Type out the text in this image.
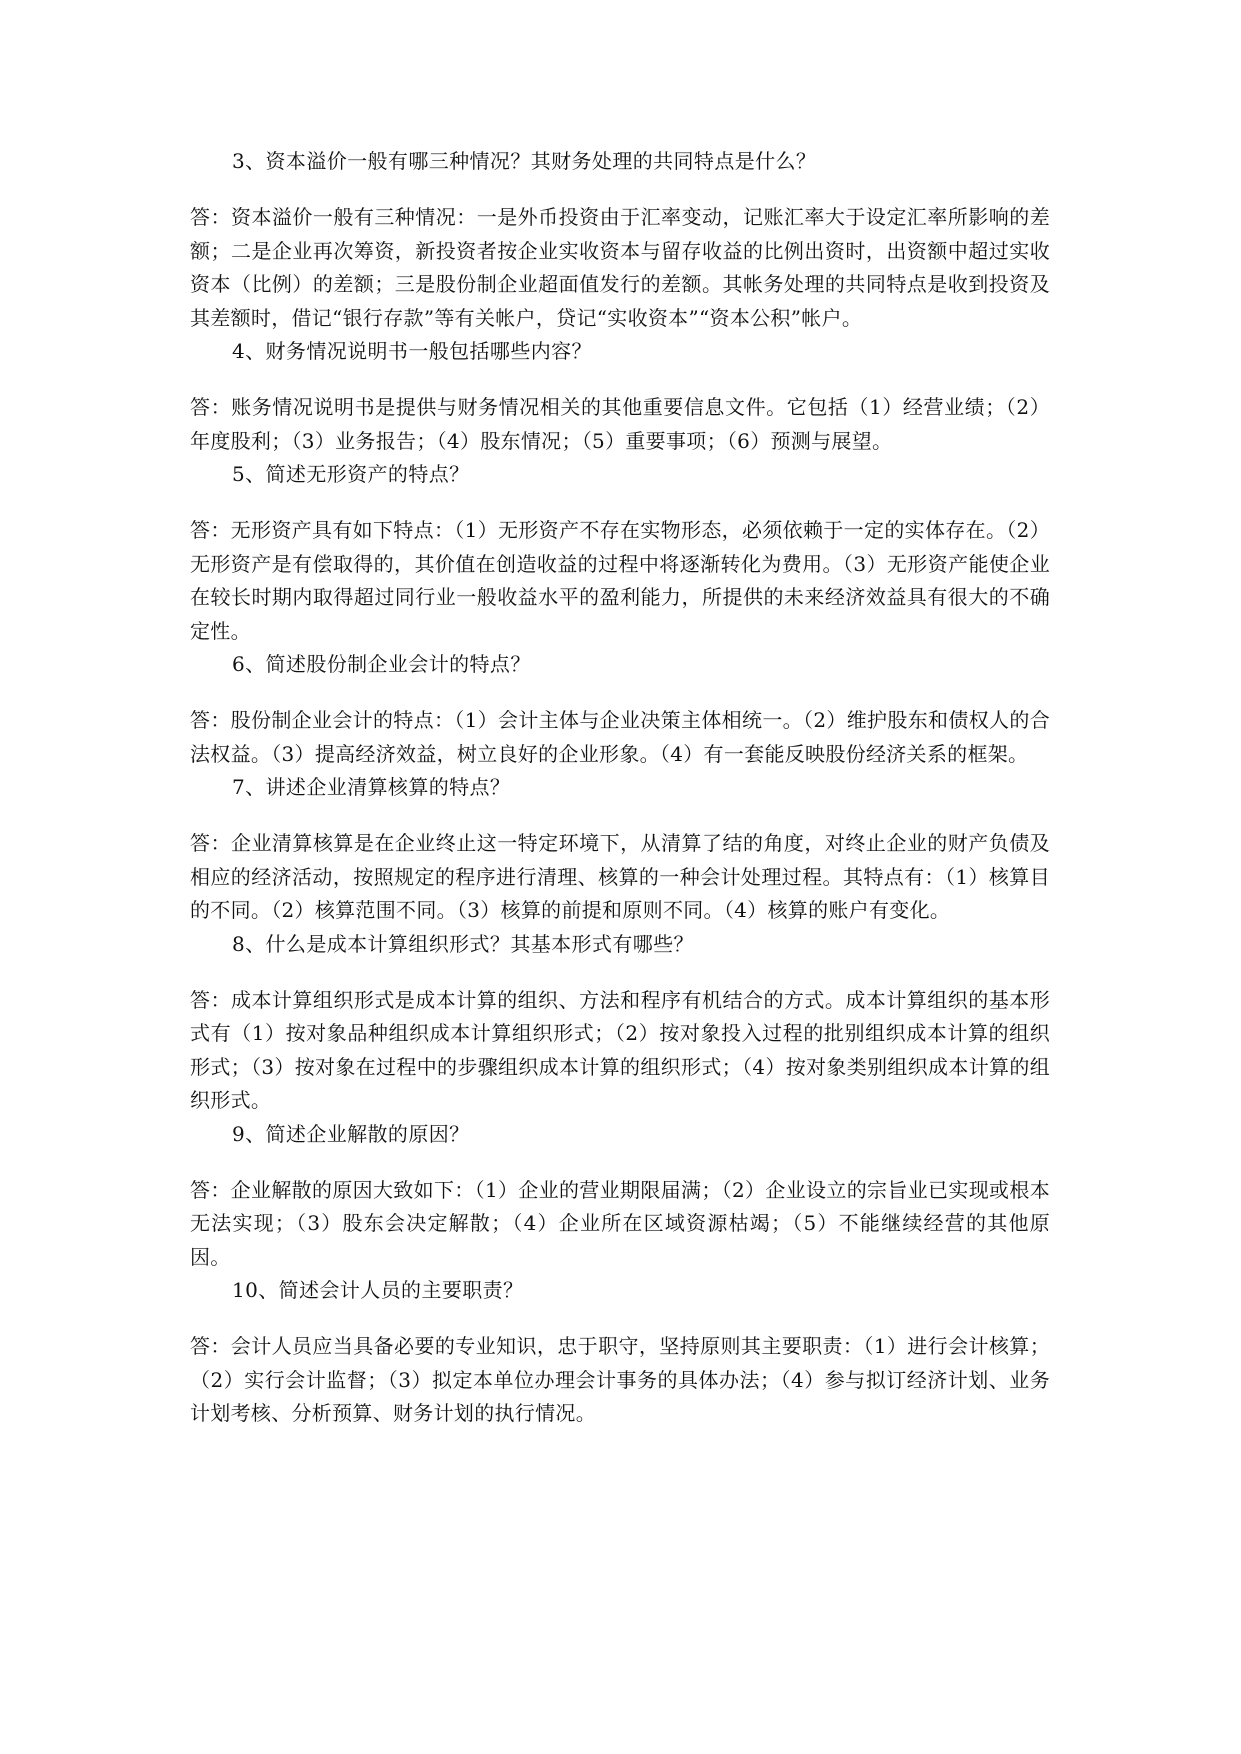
3、资本溢价一般有哪三种情况？其财务处理的共同特点是什么？

答：资本溢价一般有三种情况：一是外币投资由于汇率变动，记账汇率大于设定汇率所影响的差额；二是企业再次筹资，新投资者按企业实收资本与留存收益的比例出资时，出资额中超过实收资本（比例）的差额；三是股份制企业超面值发行的差额。其帐务处理的共同特点是收到投资及其差额时，借记“银行存款”等有关帐户，贷记“实收资本”“资本公积”帐户。

4、财务情况说明书一般包括哪些内容？

答：账务情况说明书是提供与财务情况相关的其他重要信息文件。它包括（1）经营业绩；（2）年度股利；（3）业务报告；（4）股东情况；（5）重要事项；（6）预测与展望。

5、简述无形资产的特点？

答：无形资产具有如下特点：（1）无形资产不存在实物形态，必须依赖于一定的实体存在。（2）无形资产是有偿取得的，其价值在创造收益的过程中将逐渐转化为费用。（3）无形资产能使企业在较长时期内取得超过同行业一般收益水平的盈利能力，所提供的未来经济效益具有很大的不确定性。

6、简述股份制企业会计的特点？

答：股份制企业会计的特点：（1）会计主体与企业决策主体相统一。（2）维护股东和债权人的合法权益。（3）提高经济效益，树立良好的企业形象。（4）有一套能反映股份经济关系的框架。

7、讲述企业清算核算的特点？

答：企业清算核算是在企业终止这一特定环境下，从清算了结的角度，对终止企业的财产负债及相应的经济活动，按照规定的程序进行清理、核算的一种会计处理过程。其特点有：（1）核算目的不同。（2）核算范围不同。（3）核算的前提和原则不同。（4）核算的账户有变化。

8、什么是成本计算组织形式？其基本形式有哪些？

答：成本计算组织形式是成本计算的组织、方法和程序有机结合的方式。成本计算组织的基本形式有（1）按对象品种组织成本计算组织形式；（2）按对象投入过程的批别组织成本计算的组织形式；（3）按对象在过程中的步骤组织成本计算的组织形式；（4）按对象类别组织成本计算的组织形式。

9、简述企业解散的原因？

答：企业解散的原因大致如下：（1）企业的营业期限届满；（2）企业设立的宗旨业已实现或根本无法实现；（3）股东会决定解散；（4）企业所在区域资源枯竭；（5）不能继续经营的其他原因。

10、简述会计人员的主要职责？

答：会计人员应当具备必要的专业知识，忠于职守，坚持原则其主要职责：（1）进行会计核算；（2）实行会计监督；（3）拟定本单位办理会计事务的具体办法；（4）参与拟订经济计划、业务计划考核、分析预算、财务计划的执行情况。
